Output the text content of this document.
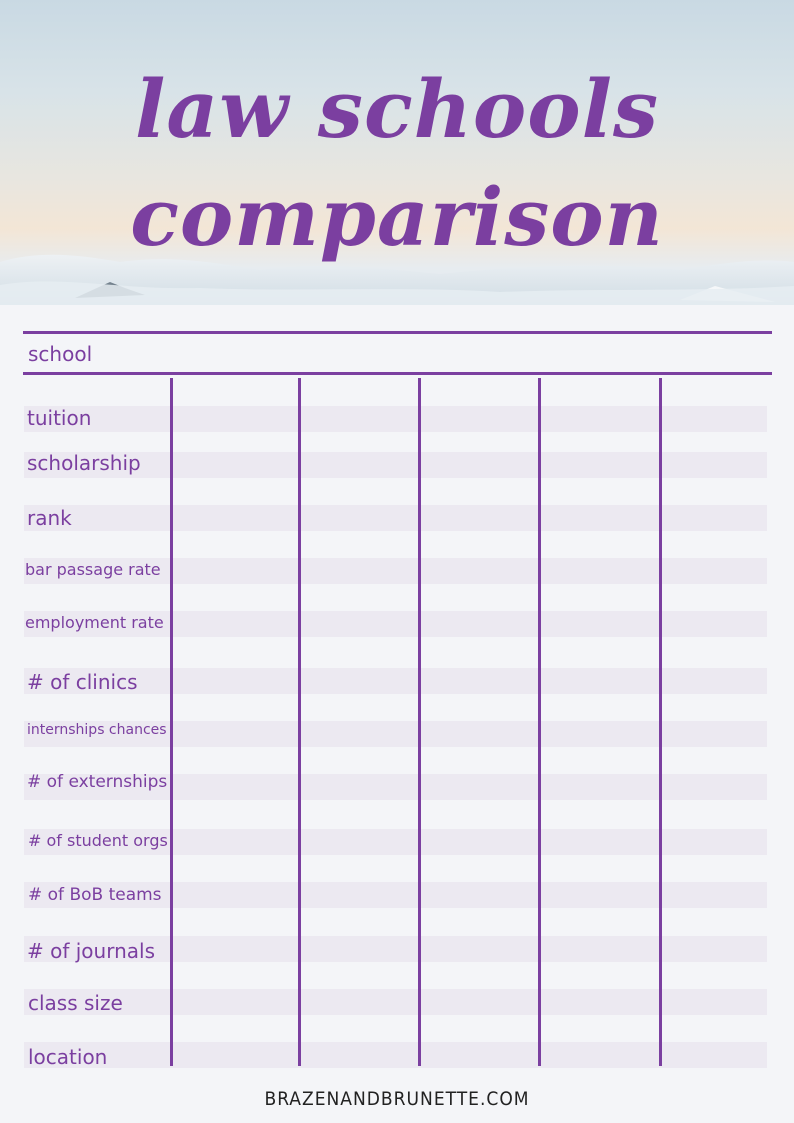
law schools
comparison
school
tuition
scholarship
rank
bar passage rate
employment rate
# of clinics
internships chances
# of externships
# of student orgs
# of BoB teams
# of journals
class size
location
BRAZENANDBRUNETTE.COM
